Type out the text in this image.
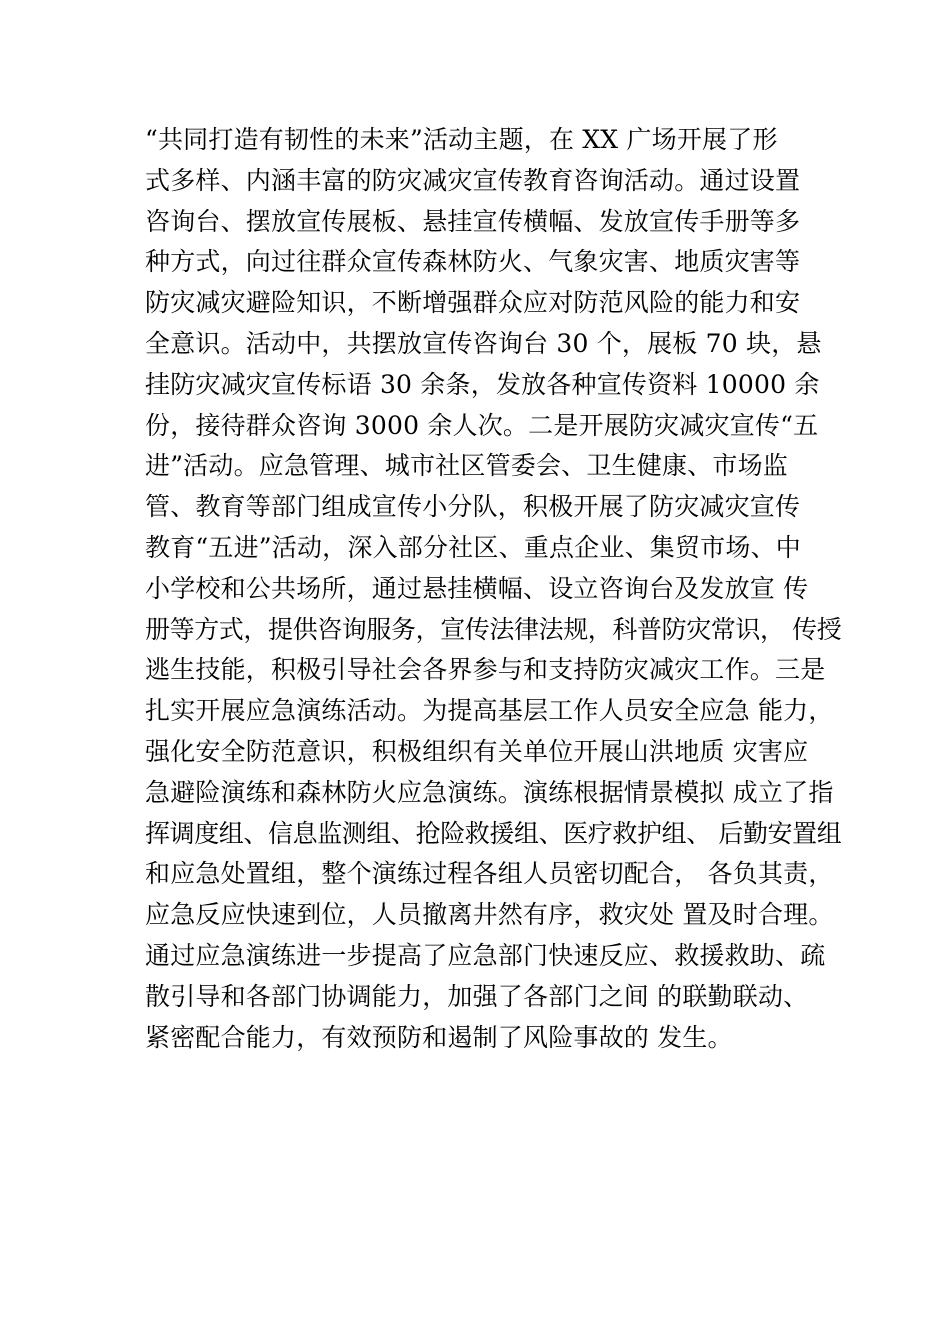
“共同打造有韧性的未来”活动主题，在 XX 广场开展了形
式多样、内涵丰富的防灾减灾宣传教育咨询活动。通过设置
咨询台、摆放宣传展板、悬挂宣传横幅、发放宣传手册等多
种方式，向过往群众宣传森林防火、气象灾害、地质灾害等
防灾减灾避险知识，不断增强群众应对防范风险的能力和安
全意识。活动中，共摆放宣传咨询台 30 个，展板 70 块，悬
挂防灾减灾宣传标语 30 余条，发放各种宣传资料 10000 余
份，接待群众咨询 3000 余人次。二是开展防灾减灾宣传“五
进”活动。应急管理、城市社区管委会、卫生健康、市场监
管、教育等部门组成宣传小分队，积极开展了防灾减灾宣传
教育“五进”活动，深入部分社区、重点企业、集贸市场、中
小学校和公共场所，通过悬挂横幅、设立咨询台及发放宣 传
册等方式，提供咨询服务，宣传法律法规，科普防灾常识， 传授
逃生技能，积极引导社会各界参与和支持防灾减灾工作。三是
扎实开展应急演练活动。为提高基层工作人员安全应急 能力，
强化安全防范意识，积极组织有关单位开展山洪地质 灾害应
急避险演练和森林防火应急演练。演练根据情景模拟 成立了指
挥调度组、信息监测组、抢险救援组、医疗救护组、 后勤安置组
和应急处置组，整个演练过程各组人员密切配合， 各负其责，
应急反应快速到位，人员撤离井然有序，救灾处 置及时合理。
通过应急演练进一步提高了应急部门快速反应、救援救助、疏
散引导和各部门协调能力，加强了各部门之间 的联勤联动、
紧密配合能力，有效预防和遏制了风险事故的 发生。
